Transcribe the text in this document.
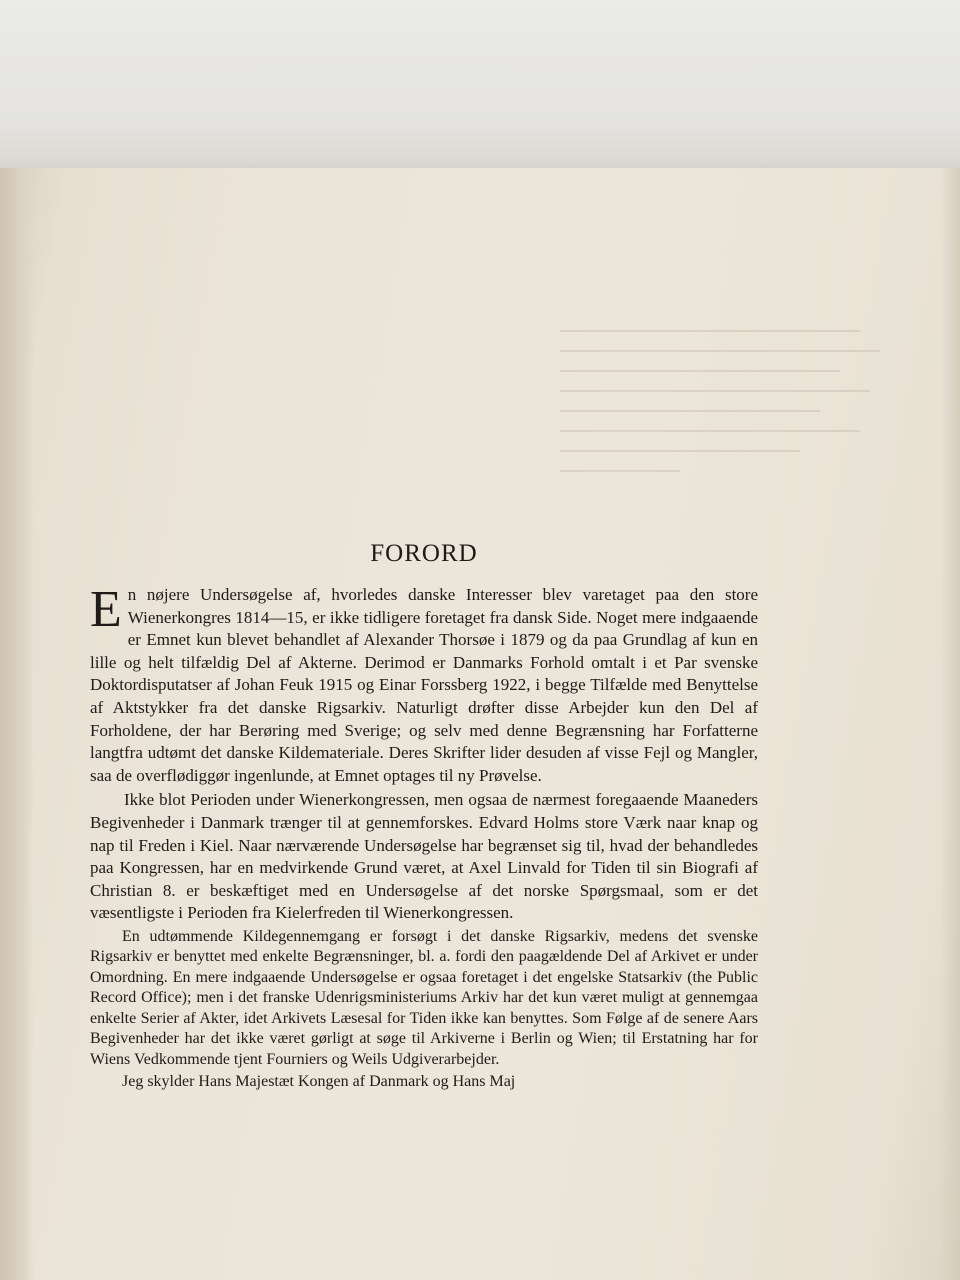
FORORD

En nøjere Undersøgelse af, hvorledes danske Interesser blev varetaget paa den store Wienerkongres 1814—15, er ikke tidligere foretaget fra dansk Side. Noget mere indgaaende er Emnet kun blevet behandlet af Alexander Thorsøe i 1879 og da paa Grundlag af kun en lille og helt tilfældig Del af Akterne. Derimod er Danmarks Forhold omtalt i et Par svenske Doktordisputatser af Johan Feuk 1915 og Einar Forssberg 1922, i begge Tilfælde med Benyttelse af Aktstykker fra det danske Rigsarkiv. Naturligt drøfter disse Arbejder kun den Del af Forholdene, der har Berøring med Sverige; og selv med denne Begrænsning har Forfatterne langtfra udtømt det danske Kildemateriale. Deres Skrifter lider desuden af visse Fejl og Mangler, saa de overflødiggør ingenlunde, at Emnet optages til ny Prøvelse.

Ikke blot Perioden under Wienerkongressen, men ogsaa de nærmest foregaaende Maaneders Begivenheder i Danmark trænger til at gennemforskes. Edvard Holms store Værk naar knap og nap til Freden i Kiel. Naar nærværende Undersøgelse har begrænset sig til, hvad der behandledes paa Kongressen, har en medvirkende Grund været, at Axel Linvald for Tiden til sin Biografi af Christian 8. er beskæftiget med en Undersøgelse af det norske Spørgsmaal, som er det væsentligste i Perioden fra Kielerfreden til Wienerkongressen.

En udtømmende Kildegennemgang er forsøgt i det danske Rigsarkiv, medens det svenske Rigsarkiv er benyttet med enkelte Begrænsninger, bl. a. fordi den paagældende Del af Arkivet er under Omordning. En mere indgaaende Undersøgelse er ogsaa foretaget i det engelske Statsarkiv (the Public Record Office); men i det franske Udenrigsministeriums Arkiv har det kun været muligt at gennemgaa enkelte Serier af Akter, idet Arkivets Læsesal for Tiden ikke kan benyttes. Som Følge af de senere Aars Begivenheder har det ikke været gørligt at søge til Arkiverne i Berlin og Wien; til Erstatning har for Wiens Vedkommende tjent Fourniers og Weils Udgiverarbejder.

Jeg skylder Hans Majestæt Kongen af Danmark og Hans Maj
